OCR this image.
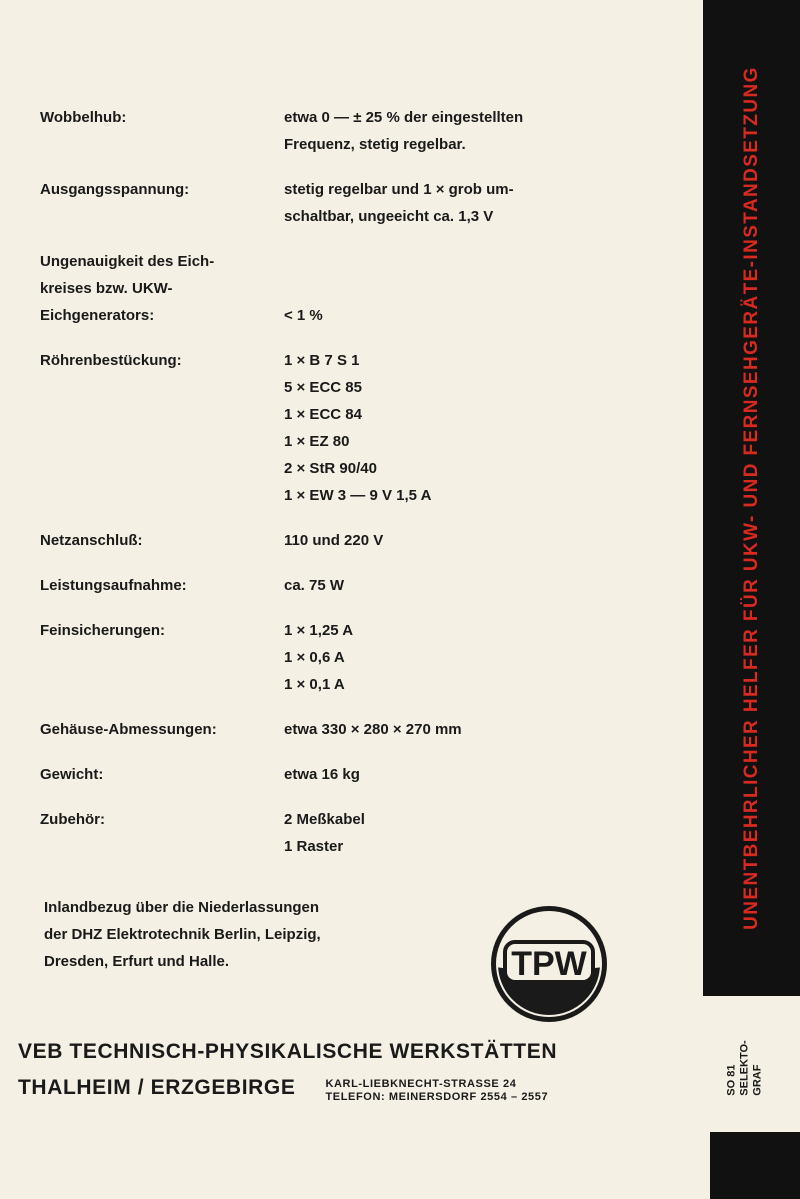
Wobbelhub:	etwa 0 — ± 25 % der eingestellten
Frequenz, stetig regelbar.
Ausgangsspannung:	stetig regelbar und 1 × grob um-
schaltbar, ungeeicht ca. 1,3 V
Ungenauigkeit des Eich-
kreises bzw. UKW-
Eichgenerators:	< 1 %
Röhrenbestückung:	1 × B 7 S 1
5 × ECC 85
1 × ECC 84
1 × EZ 80
2 × StR 90/40
1 × EW 3 — 9 V 1,5 A
Netzanschluß:	110 und 220 V
Leistungsaufnahme:	ca. 75 W
Feinsicherungen:	1 × 1,25 A
1 × 0,6 A
1 × 0,1 A
Gehäuse-Abmessungen:	etwa 330 × 280 × 270 mm
Gewicht:	etwa 16 kg
Zubehör:	2 Meßkabel
1 Raster
Inlandbezug über die Niederlassungen
der DHZ Elektrotechnik Berlin, Leipzig,
Dresden, Erfurt und Halle.	TPW
VEB TECHNISCH-PHYSIKALISCHE WERKSTÄTTEN
THALHEIM / ERZGEBIRGE	KARL-LIEBKNECHT-STRASSE 24
TELEFON: MEINERSDORF 2554 – 2557
UNENTBEHRLICHER HELFER FÜR UKW- UND FERNSEHGERÄTE-INSTANDSETZUNG
SO 81 SELEKTO- GRAF
